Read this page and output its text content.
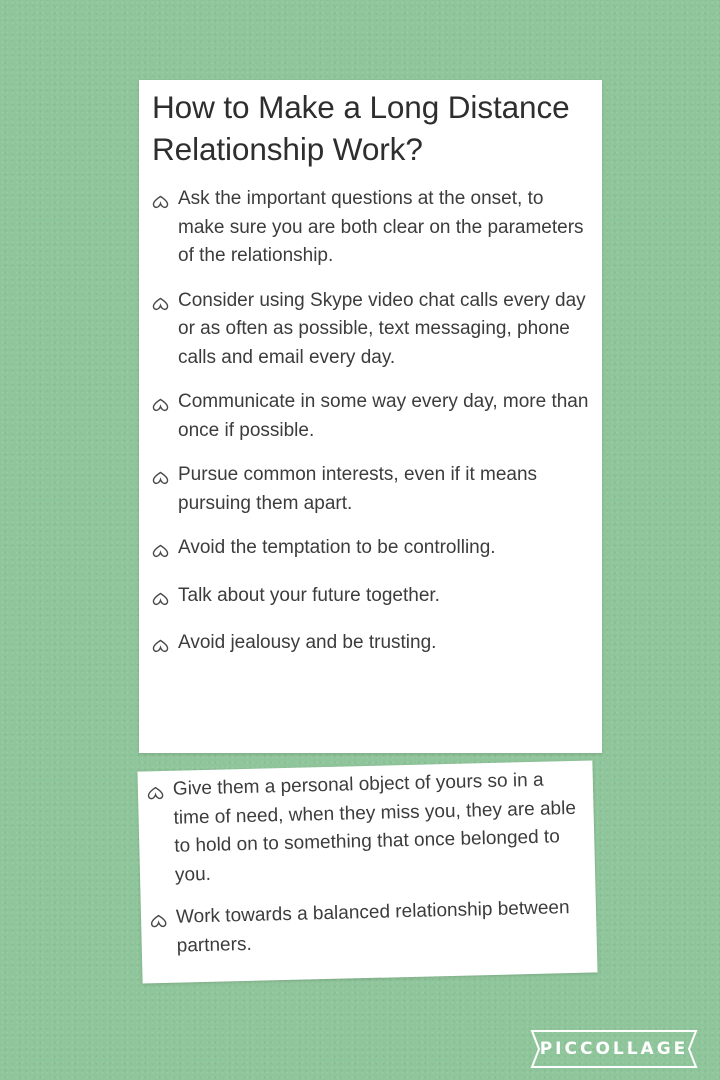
How to Make a Long Distance Relationship Work?
Ask the important questions at the onset, to make sure you are both clear on the parameters of the relationship.
Consider using Skype video chat calls every day or as often as possible, text messaging, phone calls and email every day.
Communicate in some way every day, more than once if possible.
Pursue common interests, even if it means pursuing them apart.
Avoid the temptation to be controlling.
Talk about your future together.
Avoid jealousy and be trusting.
Give them a personal object of yours so in a time of need, when they miss you, they are able to hold on to something that once belonged to you.
Work towards a balanced relationship between partners.
PICCOLLAGE
